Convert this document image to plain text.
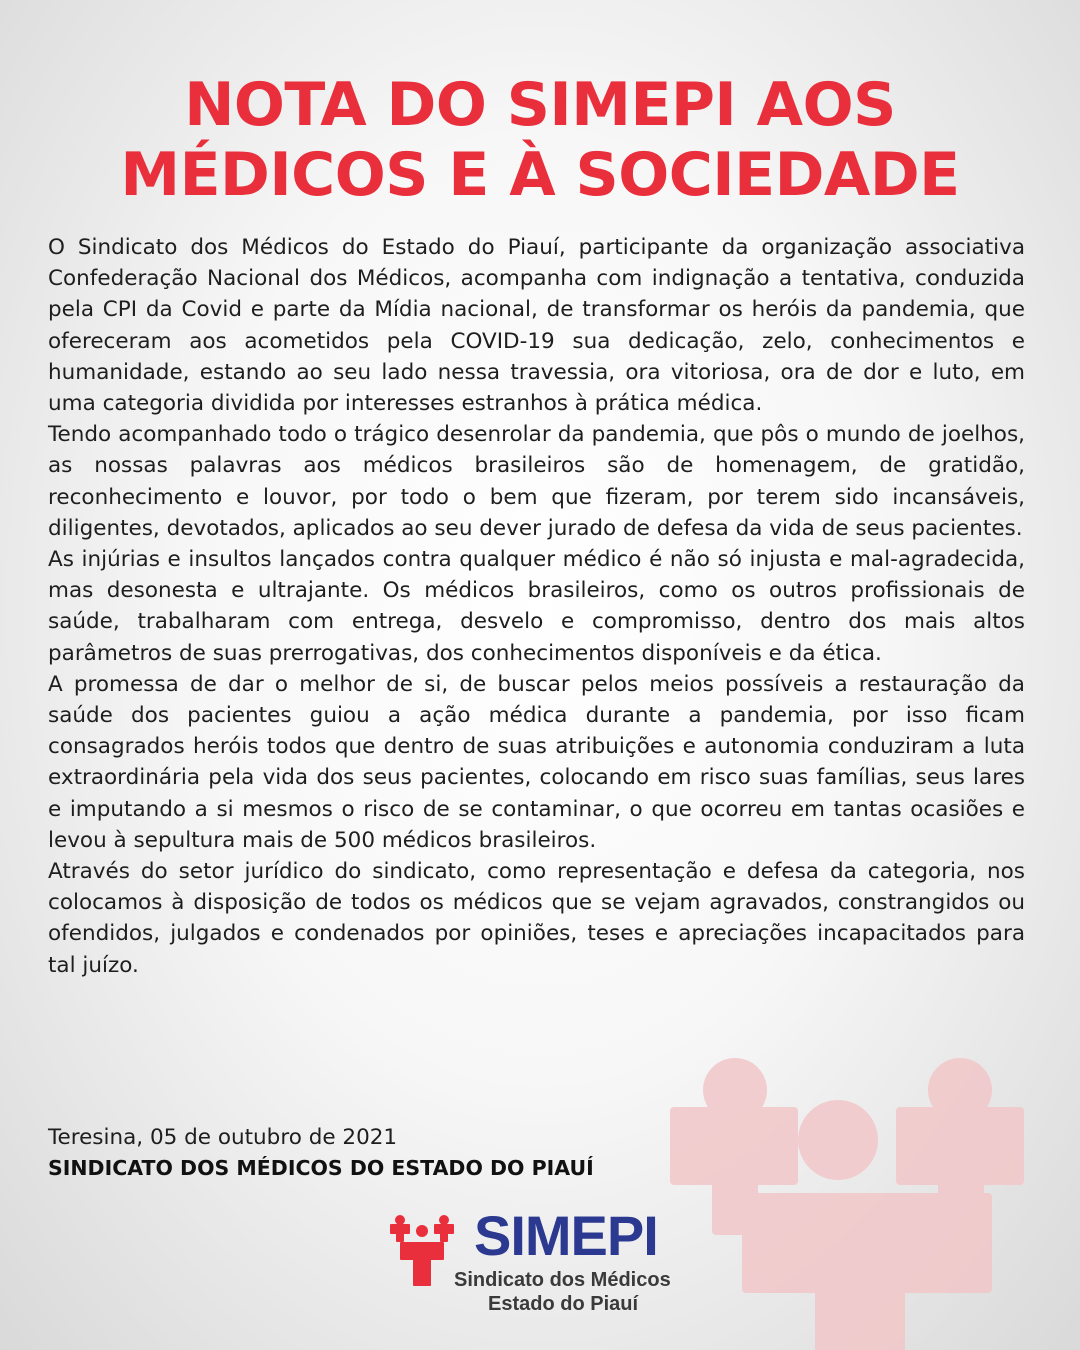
NOTA DO SIMEPI AOS
MÉDICOS E À SOCIEDADE

O Sindicato dos Médicos do Estado do Piauí, participante da organização associativa Confederação Nacional dos Médicos, acompanha com indignação a tentativa, conduzida pela CPI da Covid e parte da Mídia nacional, de transformar os heróis da pandemia, que ofereceram aos acometidos pela COVID-19 sua dedicação, zelo, conhecimentos e humanidade, estando ao seu lado nessa travessia, ora vitoriosa, ora de dor e luto, em uma categoria dividida por interesses estranhos à prática médica.

Tendo acompanhado todo o trágico desenrolar da pandemia, que pôs o mundo de joelhos, as nossas palavras aos médicos brasileiros são de homenagem, de gratidão, reconhecimento e louvor, por todo o bem que fizeram, por terem sido incansáveis, diligentes, devotados, aplicados ao seu dever jurado de defesa da vida de seus pacientes.

As injúrias e insultos lançados contra qualquer médico é não só injusta e mal-agradecida, mas desonesta e ultrajante. Os médicos brasileiros, como os outros profissionais de saúde, trabalharam com entrega, desvelo e compromisso, dentro dos mais altos parâmetros de suas prerrogativas, dos conhecimentos disponíveis e da ética.

A promessa de dar o melhor de si, de buscar pelos meios possíveis a restauração da saúde dos pacientes guiou a ação médica durante a pandemia, por isso ficam consagrados heróis todos que dentro de suas atribuições e autonomia conduziram a luta extraordinária pela vida dos seus pacientes, colocando em risco suas famílias, seus lares e imputando a si mesmos o risco de se contaminar, o que ocorreu em tantas ocasiões e levou à sepultura mais de 500 médicos brasileiros.

Através do setor jurídico do sindicato, como representação e defesa da categoria, nos colocamos à disposição de todos os médicos que se vejam agravados, constrangidos ou ofendidos, julgados e condenados por opiniões, teses e apreciações incapacitados para tal juízo.

Teresina, 05 de outubro de 2021
SINDICATO DOS MÉDICOS DO ESTADO DO PIAUÍ
SIMEPI
Sindicato dos Médicos
Estado do Piauí
